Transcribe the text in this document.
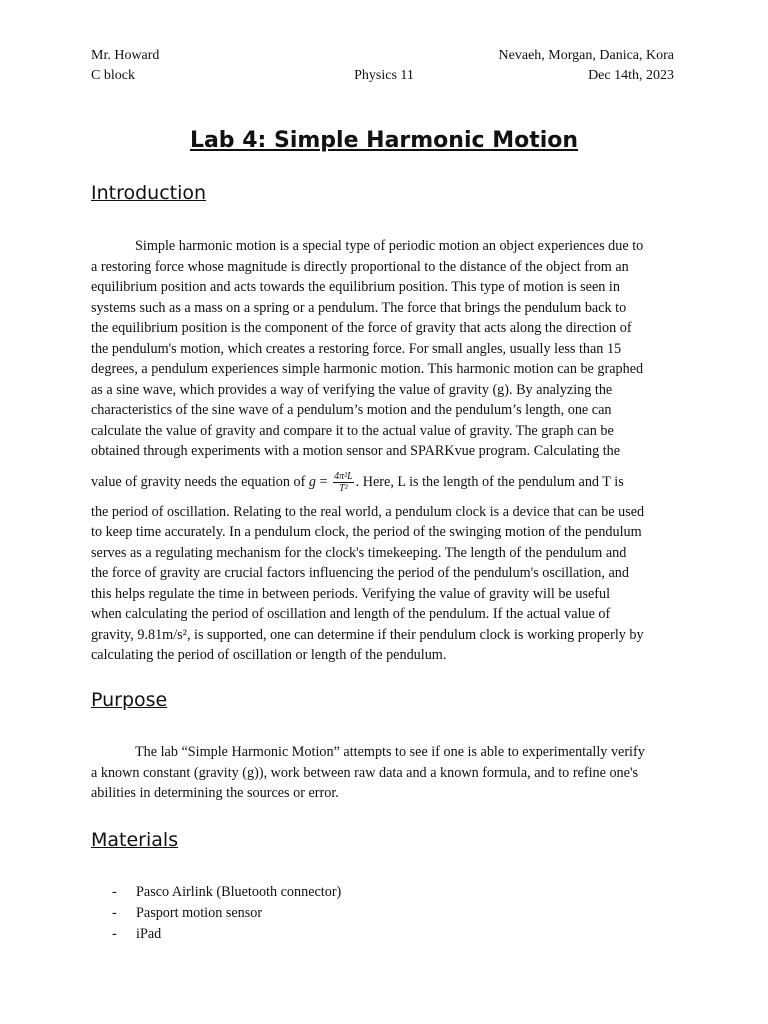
Mr. Howard	Nevaeh, Morgan, Danica, Kora
C block	Physics 11	Dec 14th, 2023
Lab 4: Simple Harmonic Motion
Introduction
Simple harmonic motion is a special type of periodic motion an object experiences due to
a restoring force whose magnitude is directly proportional to the distance of the object from an
equilibrium position and acts towards the equilibrium position. This type of motion is seen in
systems such as a mass on a spring or a pendulum. The force that brings the pendulum back to
the equilibrium position is the component of the force of gravity that acts along the direction of
the pendulum's motion, which creates a restoring force. For small angles, usually less than 15
degrees, a pendulum experiences simple harmonic motion. This harmonic motion can be graphed
as a sine wave, which provides a way of verifying the value of gravity (g). By analyzing the
characteristics of the sine wave of a pendulum’s motion and the pendulum’s length, one can
calculate the value of gravity and compare it to the actual value of gravity. The graph can be
obtained through experiments with a motion sensor and SPARKvue program. Calculating the
value of gravity needs the equation of $g = \frac{\text{4π²L}}{\text{T²}}$ . Here, L is the length of the pendulum and T is
the period of oscillation. Relating to the real world, a pendulum clock is a device that can be used
to keep time accurately. In a pendulum clock, the period of the swinging motion of the pendulum
serves as a regulating mechanism for the clock's timekeeping. The length of the pendulum and
the force of gravity are crucial factors influencing the period of the pendulum's oscillation, and
this helps regulate the time in between periods. Verifying the value of gravity will be useful
when calculating the period of oscillation and length of the pendulum. If the actual value of
gravity, 9.81m/s², is supported, one can determine if their pendulum clock is working properly by
calculating the period of oscillation or length of the pendulum.
Purpose
The lab “Simple Harmonic Motion” attempts to see if one is able to experimentally verify
a known constant (gravity (g)), work between raw data and a known formula, and to refine one's
abilities in determining the sources or error.
Materials
- Pasco Airlink (Bluetooth connector)
- Pasport motion sensor
- iPad
